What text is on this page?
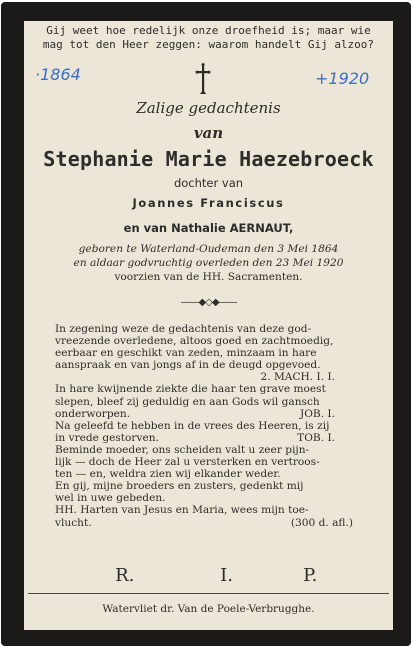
Gij weet hoe redelijk onze droefheid is; maar wie
mag tot den Heer zeggen: waarom handelt Gij alzoo?
·1864	+1920
Zalige gedachtenis
van
Stephanie Marie Haezebroeck
dochter van
Joannes Franciscus
en van Nathalie AERNAUT,
geboren te Waterland-Oudeman den 3 Mei 1864
en aldaar godvruchtig overleden den 23 Mei 1920
voorzien van de HH. Sacramenten.
——◆◇◆——
In zegening weze de gedachtenis van deze god-
vreezende overledene, altoos goed en zachtmoedig,
eerbaar en geschikt van zeden, minzaam in hare
aanspraak en van jongs af in de deugd opgevoed.
2. MACH. I. I.
In hare kwijnende ziekte die haar ten grave moest
slepen, bleef zij geduldig en aan Gods wil gansch
onderworpen.	JOB. I.
Na geleefd te hebben in de vrees des Heeren, is zij
in vrede gestorven.	TOB. I.
Beminde moeder, ons scheiden valt u zeer pijn-
lijk — doch de Heer zal u versterken en vertroos-
ten — en, weldra zien wij elkander weder.
En gij, mijne broeders en zusters, gedenkt mij
wel in uwe gebeden.
HH. Harten van Jesus en Maria, wees mijn toe-
vlucht.	(300 d. afl.)
R.	I.	P.
Watervliet dr. Van de Poele-Verbrugghe.
